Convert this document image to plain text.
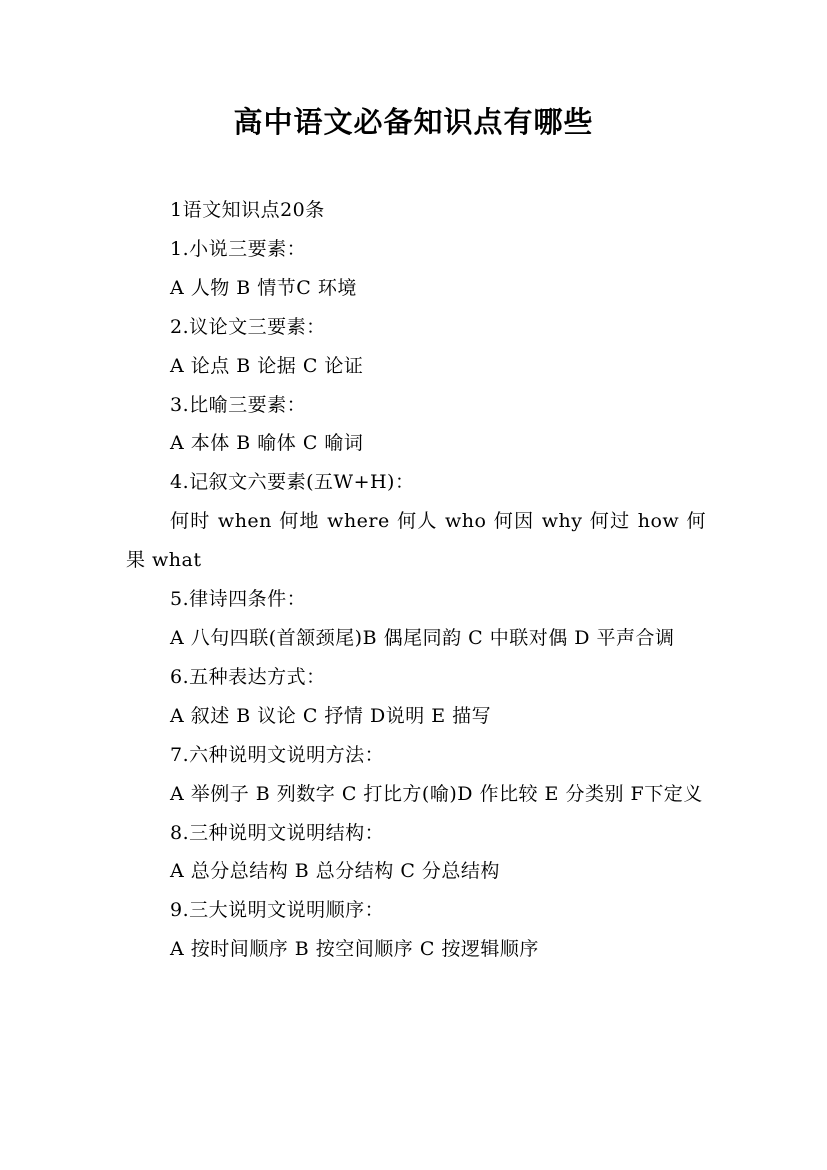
高中语文必备知识点有哪些

1语文知识点20条

1.小说三要素：

A 人物 B 情节C 环境

2.议论文三要素：

A 论点 B 论据 C 论证

3.比喻三要素：

A 本体 B 喻体 C 喻词

4.记叙文六要素(五W+H)：

何时 when 何地 where 何人 who 何因 why 何过 how 何果 what

5.律诗四条件：

A 八句四联(首颔颈尾)B 偶尾同韵 C 中联对偶 D 平声合调

6.五种表达方式：

A 叙述 B 议论 C 抒情 D说明 E 描写

7.六种说明文说明方法：

A 举例子 B 列数字 C 打比方(喻)D 作比较 E 分类别 F下定义

8.三种说明文说明结构：

A 总分总结构 B 总分结构 C 分总结构

9.三大说明文说明顺序：

A 按时间顺序 B 按空间顺序 C 按逻辑顺序
